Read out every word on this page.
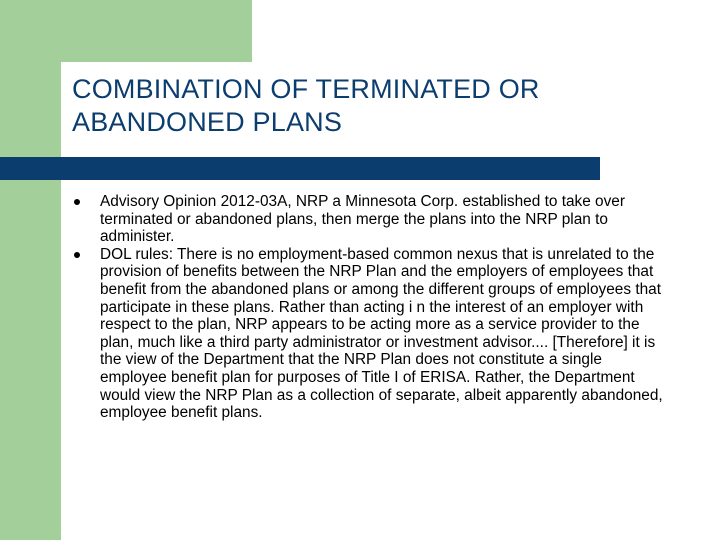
COMBINATION OF TERMINATED OR ABANDONED PLANS
Advisory Opinion 2012-03A, NRP a Minnesota Corp. established to take over terminated or abandoned plans, then merge the plans into the NRP plan to administer.
DOL rules: There is no employment-based common nexus that is unrelated to the provision of benefits between the NRP Plan and the employers of employees that benefit from the abandoned plans or among the different groups of employees that participate in these plans. Rather than acting i n the interest of an employer with respect to the plan, NRP appears to be acting more as a service provider to the plan, much like a third party administrator or investment advisor.... [Therefore] it is the view of the Department that the NRP Plan does not constitute a single employee benefit plan for purposes of Title I of ERISA. Rather, the Department would view the NRP Plan as a collection of separate, albeit apparently abandoned, employee benefit plans.
